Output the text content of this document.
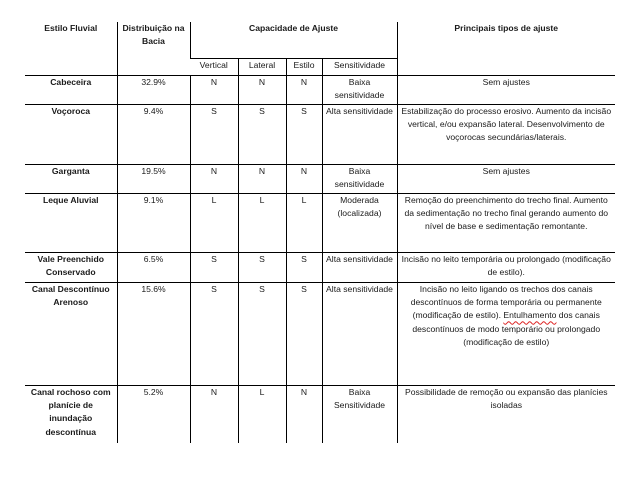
Estilo Fluvial	Distribuição na Bacia	Capacidade de Ajuste				Principais tipos de ajuste
		Vertical	Lateral	Estilo	Sensitividade	
Cabeceira	32.9%	N	N	N	Baixa sensitividade	Sem ajustes
Voçoroca	9.4%	S	S	S	Alta sensitividade	Estabilização do processo erosivo. Aumento da incisão vertical, e/ou expansão lateral. Desenvolvimento de voçorocas secundárias/laterais.
Garganta	19.5%	N	N	N	Baixa sensitividade	Sem ajustes
Leque Aluvial	9.1%	L	L	L	Moderada (localizada)	Remoção do preenchimento do trecho final. Aumento da sedimentação no trecho final gerando aumento do nível de base e sedimentação remontante.
Vale Preenchido Conservado	6.5%	S	S	S	Alta sensitividade	Incisão no leito temporária ou prolongado (modificação de estilo).
Canal Descontínuo Arenoso	15.6%	S	S	S	Alta sensitividade	Incisão no leito ligando os trechos dos canais descontínuos de forma temporária ou permanente (modificação de estilo). Entulhamento dos canais descontínuos de modo temporário ou prolongado (modificação de estilo)
Canal rochoso com planície de inundação descontínua	5.2%	N	L	N	Baixa Sensitividade	Possibilidade de remoção ou expansão das planícies isoladas
